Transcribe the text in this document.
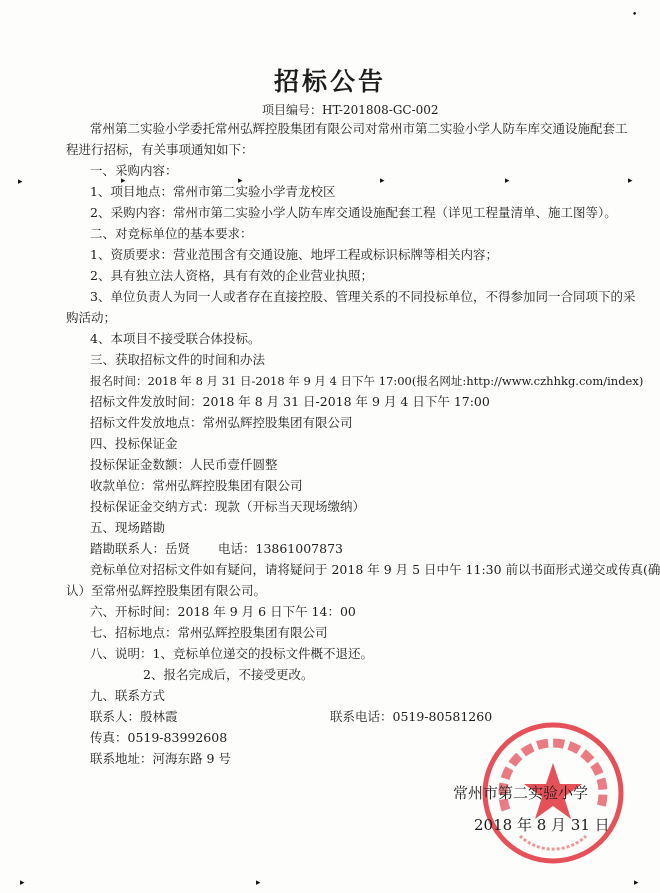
招标公告
项目编号：HT-201808-GC-002
常州第二实验小学委托常州弘辉控股集团有限公司对常州市第二实验小学人防车库交通设施配套工
程进行招标，有关事项通知如下：
一、采购内容：
1、项目地点：常州市第二实验小学青龙校区
2、采购内容：常州市第二实验小学人防车库交通设施配套工程（详见工程量清单、施工图等）。
二、对竞标单位的基本要求：
1、资质要求：营业范围含有交通设施、地坪工程或标识标牌等相关内容；
2、具有独立法人资格，具有有效的企业营业执照；
3、单位负责人为同一人或者存在直接控股、管理关系的不同投标单位，不得参加同一合同项下的采
购活动；
4、本项目不接受联合体投标。
三、获取招标文件的时间和办法
报名时间：2018 年 8 月 31 日-2018 年 9 月 4 日下午 17:00(报名网址:http://www.czhhkg.com/index)
招标文件发放时间：2018 年 8 月 31 日-2018 年 9 月 4 日下午 17:00
招标文件发放地点：常州弘辉控股集团有限公司
四、投标保证金
投标保证金数额：人民币壹仟圆整
收款单位：常州弘辉控股集团有限公司
投标保证金交纳方式：现款（开标当天现场缴纳）
五、现场踏勘
踏勘联系人：岳贤 电话：13861007873
竞标单位对招标文件如有疑问，请将疑问于 2018 年 9 月 5 日中午 11:30 前以书面形式递交或传真(确
认）至常州弘辉控股集团有限公司。
六、开标时间：2018 年 9 月 6 日下午 14：00
七、招标地点：常州弘辉控股集团有限公司
八、说明：1、竞标单位递交的投标文件概不退还。
2、报名完成后，不接受更改。
九、联系方式
联系人：殷林霞	联系电话：0519-80581260
传真：0519-83992608
联系地址：河海东路 9 号
常州市第二实验小学
2018 年 8 月 31 日
▸	▸	▸	▸	▸	▸
•
▸	▸	▸
